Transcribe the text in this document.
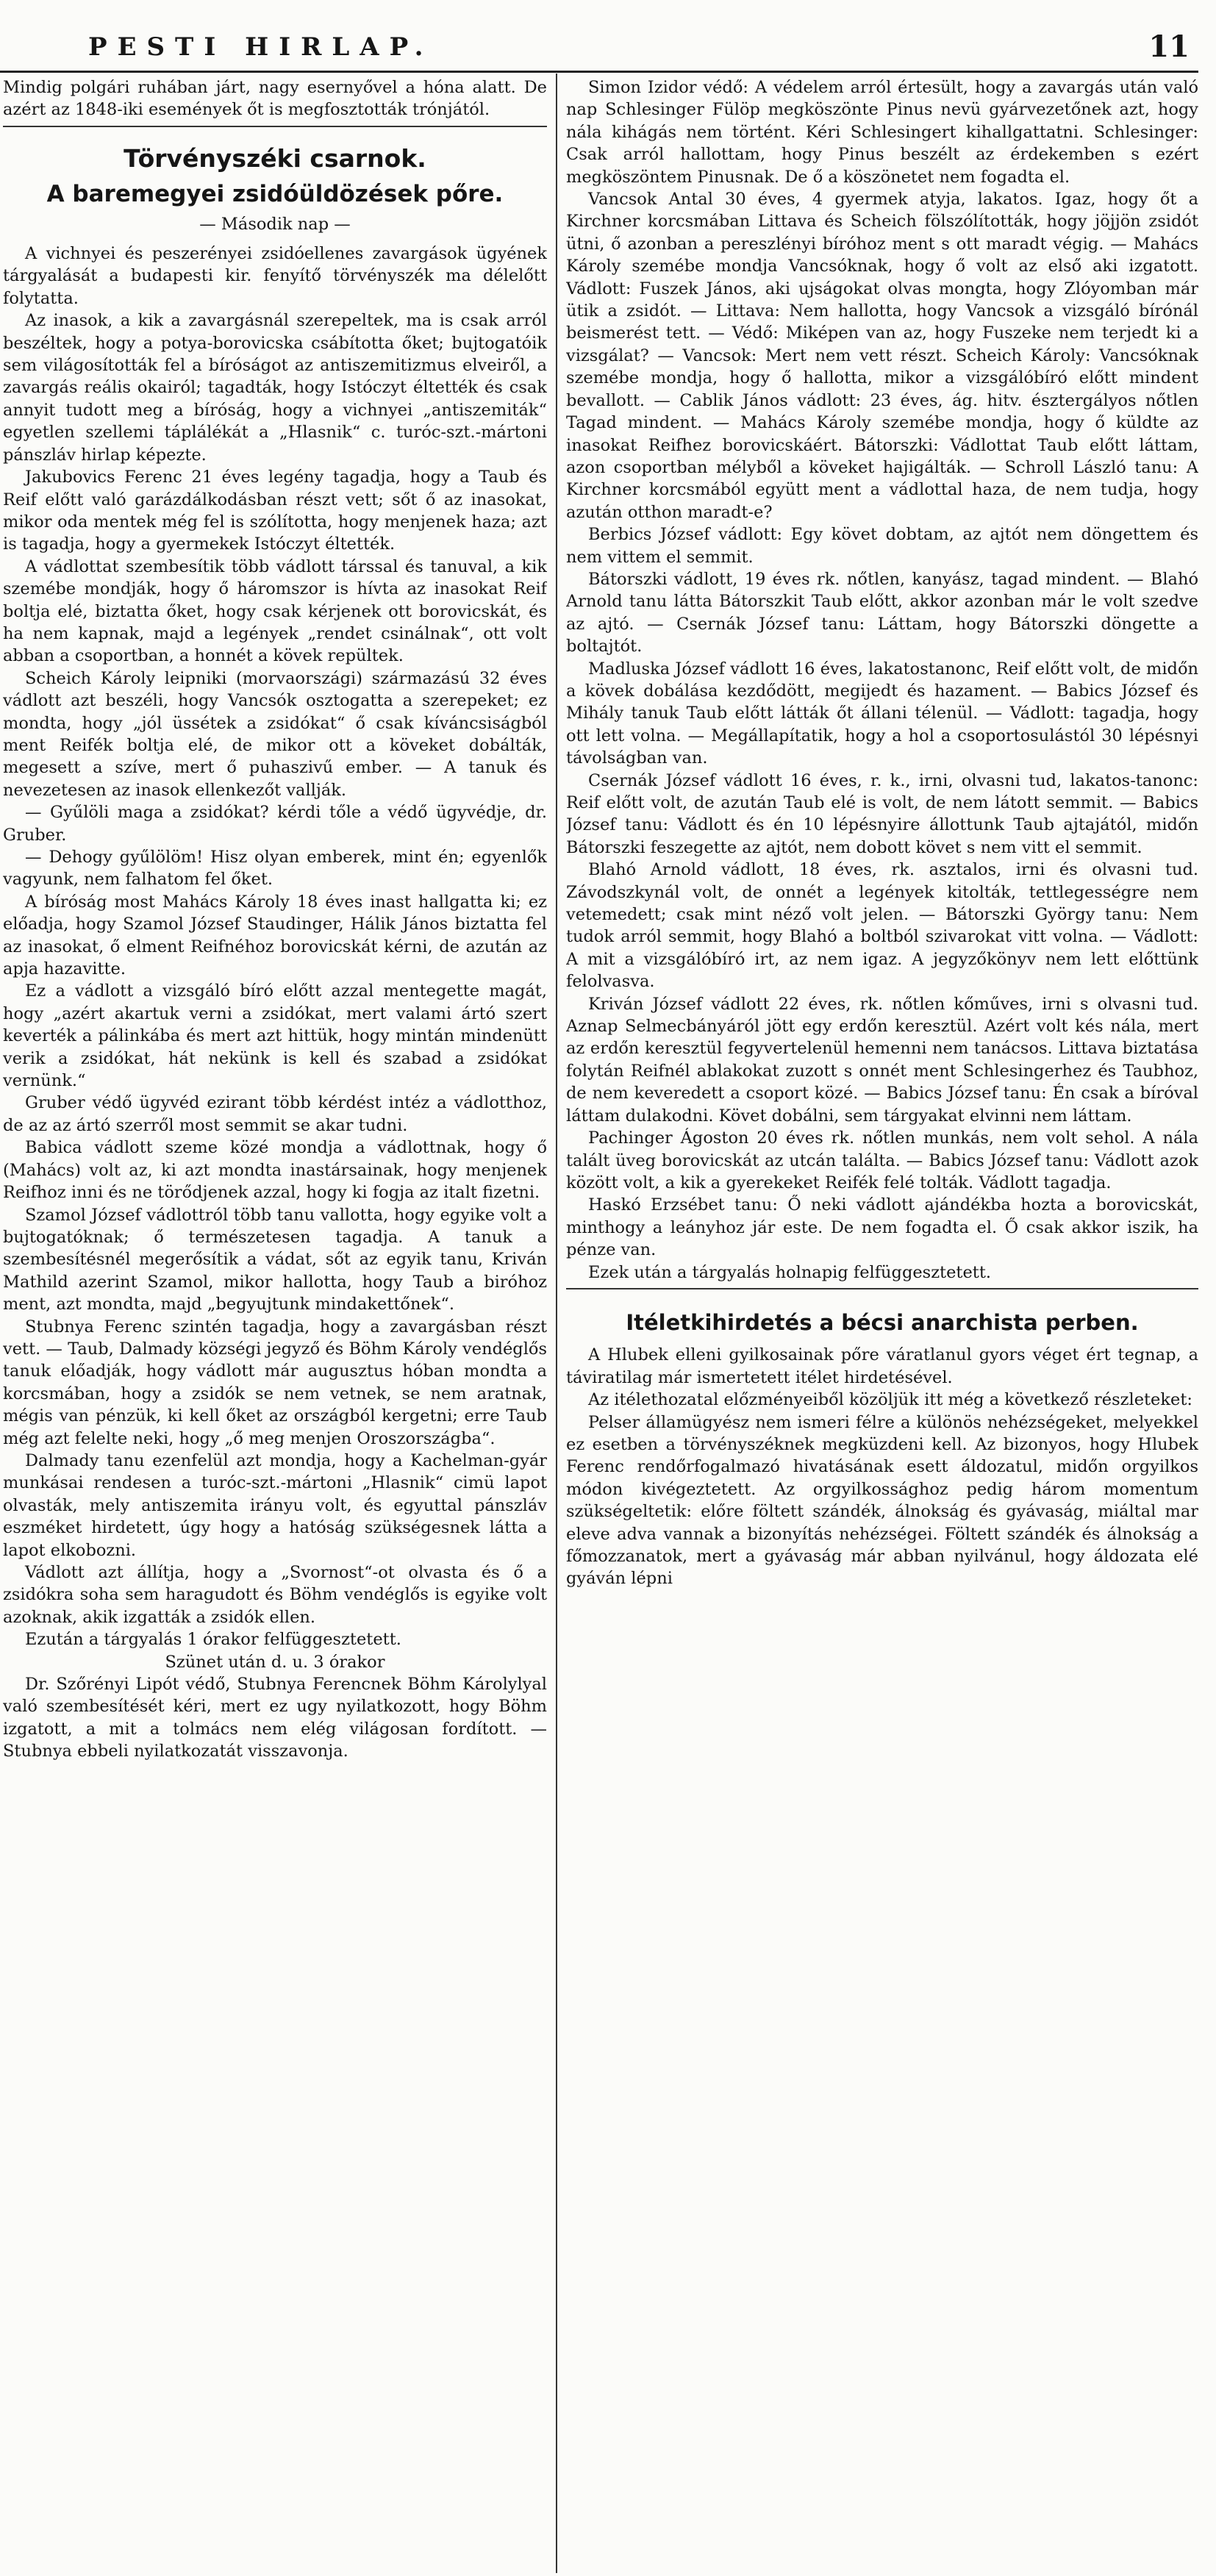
PESTI HIRLAP.	11

Mindig polgári ruhában járt, nagy esernyővel a hóna alatt. De azért az 1848-iki események őt is megfosztották trónjától.

Törvényszéki csarnok.
A baremegyei zsidóüldözések pőre.
— Második nap —

A vichnyei és peszerényei zsidóellenes zavargások ügyének tárgyalását a budapesti kir. fenyítő törvényszék ma délelőtt folytatta.

Az inasok, a kik a zavargásnál szerepeltek, ma is csak arról beszéltek, hogy a potya-borovicska csábította őket; bujtogatóik sem világosították fel a bíróságot az antiszemitizmus elveiről, a zavargás reális okairól; tagadták, hogy Istóczyt éltették és csak annyit tudott meg a bíróság, hogy a vichnyei „antiszemiták“ egyetlen szellemi táplálékát a „Hlasnik“ c. turóc-szt.-mártoni pánszláv hirlap képezte.

Jakubovics Ferenc 21 éves legény tagadja, hogy a Taub és Reif előtt való garázdálkodásban részt vett; sőt ő az inasokat, mikor oda mentek még fel is szólította, hogy menjenek haza; azt is tagadja, hogy a gyermekek Istóczyt éltették.

A vádlottat szembesítik több vádlott társsal és tanuval, a kik szemébe mondják, hogy ő háromszor is hívta az inasokat Reif boltja elé, biztatta őket, hogy csak kérjenek ott borovicskát, és ha nem kapnak, majd a legények „rendet csinálnak“, ott volt abban a csoportban, a honnét a kövek repültek.

Scheich Károly leipniki (morvaországi) származású 32 éves vádlott azt beszéli, hogy Vancsók osztogatta a szerepeket; ez mondta, hogy „jól üssétek a zsidókat“ ő csak kíváncsiságból ment Reifék boltja elé, de mikor ott a köveket dobálták, megesett a szíve, mert ő puhaszivű ember. — A tanuk és nevezetesen az inasok ellenkezőt vallják.

— Gyűlöli maga a zsidókat? kérdi tőle a védő ügyvédje, dr. Gruber.

— Dehogy gyűlölöm! Hisz olyan emberek, mint én; egyenlők vagyunk, nem falhatom fel őket.

A bíróság most Mahács Károly 18 éves inast hallgatta ki; ez előadja, hogy Szamol József Staudinger, Hálik János biztatta fel az inasokat, ő elment Reifnéhoz borovicskát kérni, de azután az apja hazavitte.

Ez a vádlott a vizsgáló bíró előtt azzal mentegette magát, hogy „azért akartuk verni a zsidókat, mert valami ártó szert keverték a pálinkába és mert azt hittük, hogy mintán mindenütt verik a zsidókat, hát nekünk is kell és szabad a zsidókat vernünk.“

Gruber védő ügyvéd ezirant több kérdést intéz a vádlotthoz, de az az ártó szerről most semmit se akar tudni.

Babica vádlott szeme közé mondja a vádlottnak, hogy ő (Mahács) volt az, ki azt mondta inastársainak, hogy menjenek Reifhoz inni és ne törődjenek azzal, hogy ki fogja az italt fizetni.

Szamol József vádlottról több tanu vallotta, hogy egyike volt a bujtogatóknak; ő természetesen tagadja. A tanuk a szembesítésnél megerősítik a vádat, sőt az egyik tanu, Kriván Mathild azerint Szamol, mikor hallotta, hogy Taub a biróhoz ment, azt mondta, majd „begyujtunk mindakettőnek“.

Stubnya Ferenc szintén tagadja, hogy a zavargásban részt vett. — Taub, Dalmady községi jegyző és Böhm Károly vendéglős tanuk előadják, hogy vádlott már augusztus hóban mondta a korcsmában, hogy a zsidók se nem vetnek, se nem aratnak, mégis van pénzük, ki kell őket az országból kergetni; erre Taub még azt felelte neki, hogy „ő meg menjen Oroszországba“.

Dalmady tanu ezenfelül azt mondja, hogy a Kachelman-gyár munkásai rendesen a turóc-szt.-mártoni „Hlasnik“ cimü lapot olvasták, mely antiszemita irányu volt, és egyuttal pánszláv eszméket hirdetett, úgy hogy a hatóság szükségesnek látta a lapot elkobozni.

Vádlott azt állítja, hogy a „Svornost“-ot olvasta és ő a zsidókra soha sem haragudott és Böhm vendéglős is egyike volt azoknak, akik izgatták a zsidók ellen.

Ezután a tárgyalás 1 órakor felfüggesztetett.

Szünet után d. u. 3 órakor

Dr. Szőrényi Lipót védő, Stubnya Ferencnek Böhm Károlylyal való szembesítését kéri, mert ez ugy nyilatkozott, hogy Böhm izgatott, a mit a tolmács nem elég világosan fordított. — Stubnya ebbeli nyilatkozatát visszavonja.

Simon Izidor védő: A védelem arról értesült, hogy a zavargás után való nap Schlesinger Fülöp megköszönte Pinus nevü gyárvezetőnek azt, hogy nála kihágás nem történt. Kéri Schlesingert kihallgattatni. Schlesinger: Csak arról hallottam, hogy Pinus beszélt az érdekemben s ezért megköszöntem Pinusnak. De ő a köszönetet nem fogadta el.

Vancsok Antal 30 éves, 4 gyermek atyja, lakatos. Igaz, hogy őt a Kirchner korcsmában Littava és Scheich fölszólították, hogy jöjjön zsidót ütni, ő azonban a pereszlényi bíróhoz ment s ott maradt végig. — Mahács Károly szemébe mondja Vancsóknak, hogy ő volt az első aki izgatott. Vádlott: Fuszek János, aki ujságokat olvas mongta, hogy Zlóyomban már ütik a zsidót. — Littava: Nem hallotta, hogy Vancsok a vizsgáló bírónál beismerést tett. — Védő: Miképen van az, hogy Fuszeke nem terjedt ki a vizsgálat? — Vancsok: Mert nem vett részt. Scheich Károly: Vancsóknak szemébe mondja, hogy ő hallotta, mikor a vizsgálóbíró előtt mindent bevallott. — Cablik János vádlott: 23 éves, ág. hitv. észtergályos nőtlen Tagad mindent. — Mahács Károly szemébe mondja, hogy ő küldte az inasokat Reifhez borovicskáért. Bátorszki: Vádlottat Taub előtt láttam, azon csoportban mélyből a köveket hajigálták. — Schroll László tanu: A Kirchner korcsmából együtt ment a vádlottal haza, de nem tudja, hogy azután otthon maradt-e?

Berbics József vádlott: Egy követ dobtam, az ajtót nem döngettem és nem vittem el semmit.

Bátorszki vádlott, 19 éves rk. nőtlen, kanyász, tagad mindent. — Blahó Arnold tanu látta Bátorszkit Taub előtt, akkor azonban már le volt szedve az ajtó. — Csernák József tanu: Láttam, hogy Bátorszki döngette a boltajtót.

Madluska József vádlott 16 éves, lakatostanonc, Reif előtt volt, de midőn a kövek dobálása kezdődött, megijedt és hazament. — Babics József és Mihály tanuk Taub előtt látták őt állani télenül. — Vádlott: tagadja, hogy ott lett volna. — Megállapítatik, hogy a hol a csoportosulástól 30 lépésnyi távolságban van.

Csernák József vádlott 16 éves, r. k., irni, olvasni tud, lakatos-tanonc: Reif előtt volt, de azután Taub elé is volt, de nem látott semmit. — Babics József tanu: Vádlott és én 10 lépésnyire állottunk Taub ajtajától, midőn Bátorszki feszegette az ajtót, nem dobott követ s nem vitt el semmit.

Blahó Arnold vádlott, 18 éves, rk. asztalos, irni és olvasni tud. Závodszkynál volt, de onnét a legények kitolták, tettlegességre nem vetemedett; csak mint néző volt jelen. — Bátorszki György tanu: Nem tudok arról semmit, hogy Blahó a boltból szivarokat vitt volna. — Vádlott: A mit a vizsgálóbíró irt, az nem igaz. A jegyzőkönyv nem lett előttünk felolvasva.

Kriván József vádlott 22 éves, rk. nőtlen kőműves, irni s olvasni tud. Aznap Selmecbányáról jött egy erdőn keresztül. Azért volt kés nála, mert az erdőn keresztül fegyvertelenül hemenni nem tanácsos. Littava biztatása folytán Reifnél ablakokat zuzott s onnét ment Schlesingerhez és Taubhoz, de nem keveredett a csoport közé. — Babics József tanu: Én csak a bíróval láttam dulakodni. Követ dobálni, sem tárgyakat elvinni nem láttam.

Pachinger Ágoston 20 éves rk. nőtlen munkás, nem volt sehol. A nála talált üveg borovicskát az utcán találta. — Babics József tanu: Vádlott azok között volt, a kik a gyerekeket Reifék felé tolták. Vádlott tagadja.

Haskó Erzsébet tanu: Ő neki vádlott ajándékba hozta a borovicskát, minthogy a leányhoz jár este. De nem fogadta el. Ő csak akkor iszik, ha pénze van.

Ezek után a tárgyalás holnapig felfüggesztetett.

Itéletkihirdetés a bécsi anarchista perben.

A Hlubek elleni gyilkosainak pőre váratlanul gyors véget ért tegnap, a táviratilag már ismertetett itélet hirdetésével.

Az itélethozatal előzményeiből közöljük itt még a következő részleteket:

Pelser államügyész nem ismeri félre a különös nehézségeket, melyekkel ez esetben a törvényszéknek megküzdeni kell. Az bizonyos, hogy Hlubek Ferenc rendőrfogalmazó hivatásának esett áldozatul, midőn orgyilkos módon kivégeztetett. Az orgyilkossághoz pedig három momentum szükségeltetik: előre föltett szándék, álnokság és gyávaság, miáltal mar eleve adva vannak a bizonyítás nehézségei. Föltett szándék és álnokság a főmozzanatok, mert a gyávaság már abban nyilvánul, hogy áldozata elé gyáván lépni
